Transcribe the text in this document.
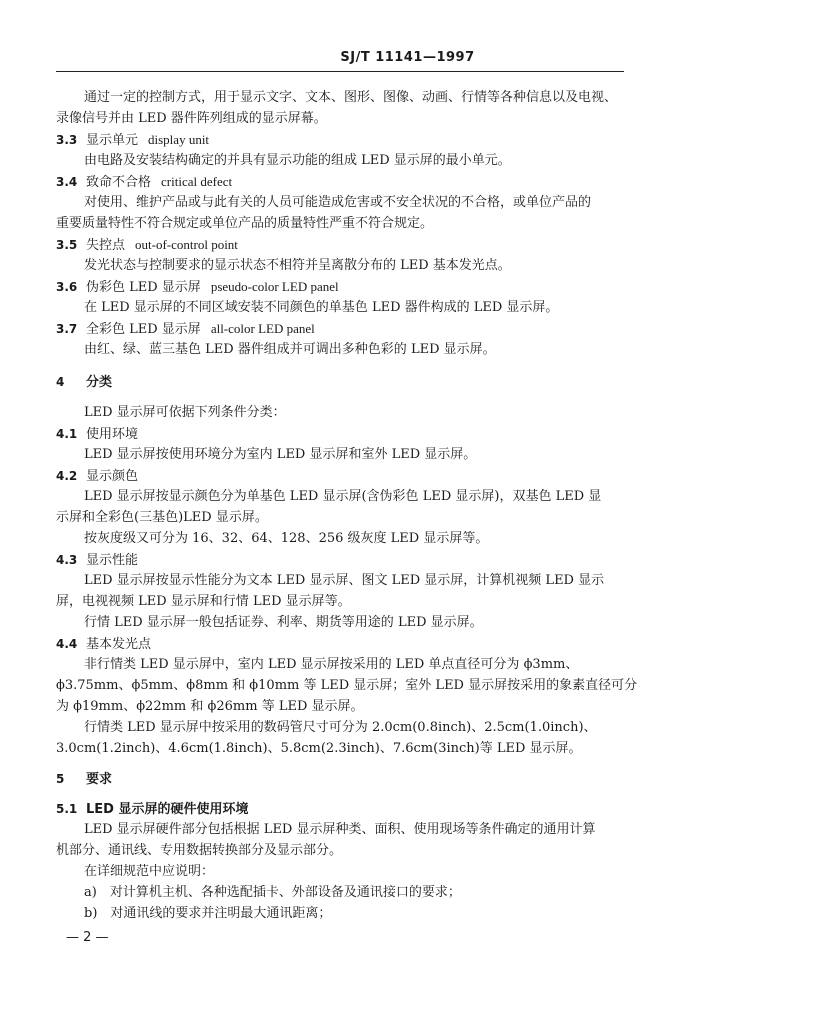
SJ/T 11141—1997
通过一定的控制方式，用于显示文字、文本、图形、图像、动画、行情等各种信息以及电视、
录像信号并由 LED 器件阵列组成的显示屏幕。
3.3 显示单元 display unit
由电路及安装结构确定的并具有显示功能的组成 LED 显示屏的最小单元。
3.4 致命不合格 critical defect
对使用、维护产品或与此有关的人员可能造成危害或不安全状况的不合格，或单位产品的
重要质量特性不符合规定或单位产品的质量特性严重不符合规定。
3.5 失控点 out-of-control point
发光状态与控制要求的显示状态不相符并呈离散分布的 LED 基本发光点。
3.6 伪彩色 LED 显示屏 pseudo-color LED panel
在 LED 显示屏的不同区域安装不同颜色的单基色 LED 器件构成的 LED 显示屏。
3.7 全彩色 LED 显示屏 all-color LED panel
由红、绿、蓝三基色 LED 器件组成并可调出多种色彩的 LED 显示屏。
4 分类
LED 显示屏可依据下列条件分类：
4.1 使用环境
LED 显示屏按使用环境分为室内 LED 显示屏和室外 LED 显示屏。
4.2 显示颜色
LED 显示屏按显示颜色分为单基色 LED 显示屏(含伪彩色 LED 显示屏)，双基色 LED 显
示屏和全彩色(三基色)LED 显示屏。
按灰度级又可分为 16、32、64、128、256 级灰度 LED 显示屏等。
4.3 显示性能
LED 显示屏按显示性能分为文本 LED 显示屏、图文 LED 显示屏，计算机视频 LED 显示
屏，电视视频 LED 显示屏和行情 LED 显示屏等。
行情 LED 显示屏一般包括证券、利率、期货等用途的 LED 显示屏。
4.4 基本发光点
非行情类 LED 显示屏中，室内 LED 显示屏按采用的 LED 单点直径可分为 ϕ3mm、
ϕ3.75mm、ϕ5mm、ϕ8mm 和 ϕ10mm 等 LED 显示屏；室外 LED 显示屏按采用的象素直径可分
为 ϕ19mm、ϕ22mm 和 ϕ26mm 等 LED 显示屏。
行情类 LED 显示屏中按采用的数码管尺寸可分为 2.0cm(0.8inch)、2.5cm(1.0inch)、
3.0cm(1.2inch)、4.6cm(1.8inch)、5.8cm(2.3inch)、7.6cm(3inch)等 LED 显示屏。
5 要求
5.1 LED 显示屏的硬件使用环境
LED 显示屏硬件部分包括根据 LED 显示屏种类、面积、使用现场等条件确定的通用计算
机部分、通讯线、专用数据转换部分及显示部分。
在详细规范中应说明：
a)　对计算机主机、各种选配插卡、外部设备及通讯接口的要求；
b)　对通讯线的要求并注明最大通讯距离；
— 2 —
